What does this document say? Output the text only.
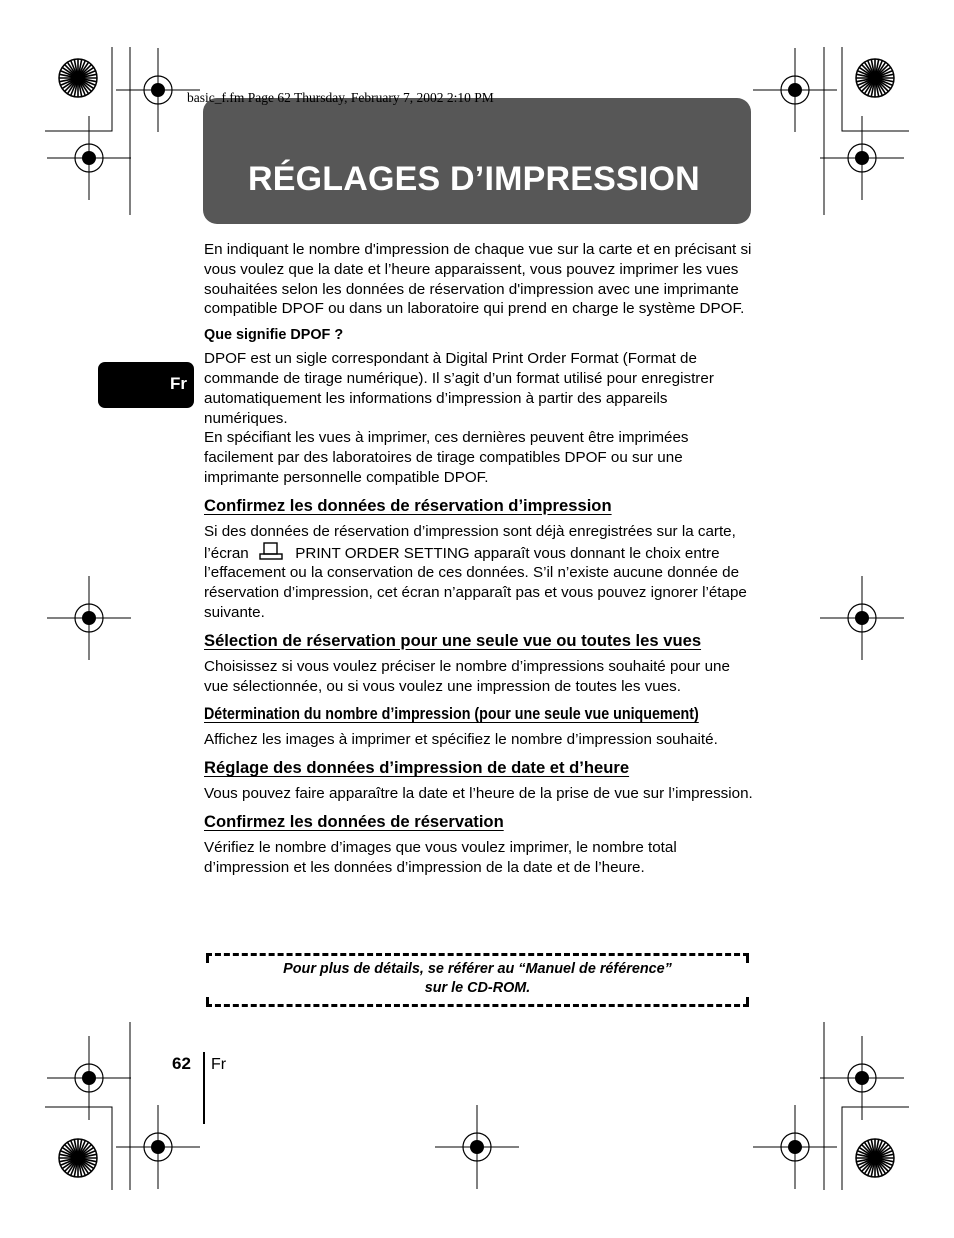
basic_f.fm Page 62 Thursday, February 7, 2002 2:10 PM
RÉGLAGES D’IMPRESSION
Fr

En indiquant le nombre d'impression de chaque vue sur la carte et en précisant si vous voulez que la date et l’heure apparaissent, vous pouvez imprimer les vues souhaitées selon les données de réservation d'impression avec une imprimante compatible DPOF ou dans un laboratoire qui prend en charge le système DPOF.

Que signifie DPOF ?

DPOF est un sigle correspondant à Digital Print Order Format (Format de commande de tirage numérique). Il s’agit d’un format utilisé pour enregistrer automatiquement les informations d’impression à partir des appareils numériques.

En spécifiant les vues à imprimer, ces dernières peuvent être imprimées facilement par des laboratoires de tirage compatibles DPOF ou sur une imprimante personnelle compatible DPOF.

Confirmez les données de réservation d’impression

Si des données de réservation d’impression sont déjà enregistrées sur la carte, l’écran	PRINT ORDER SETTING apparaît vous donnant le choix entre l’effacement ou la conservation de ces données. S’il n’existe aucune donnée de réservation d’impression, cet écran n’apparaît pas et vous pouvez ignorer l’étape suivante.

Sélection de réservation pour une seule vue ou toutes les vues

Choisissez si vous voulez préciser le nombre d’impressions souhaité pour une vue sélectionnée, ou si vous voulez une impression de toutes les vues.

Détermination du nombre d’impression (pour une seule vue uniquement)

Affichez les images à imprimer et spécifiez le nombre d’impression souhaité.

Réglage des données d’impression de date et d’heure

Vous pouvez faire apparaître la date et l’heure de la prise de vue sur l’impression.

Confirmez les données de réservation

Vérifiez le nombre d’images que vous voulez imprimer, le nombre total d’impression et les données d’impression de la date et de l’heure.

Pour plus de détails, se référer au “Manuel de référence”
sur le CD-ROM.
62 Fr
